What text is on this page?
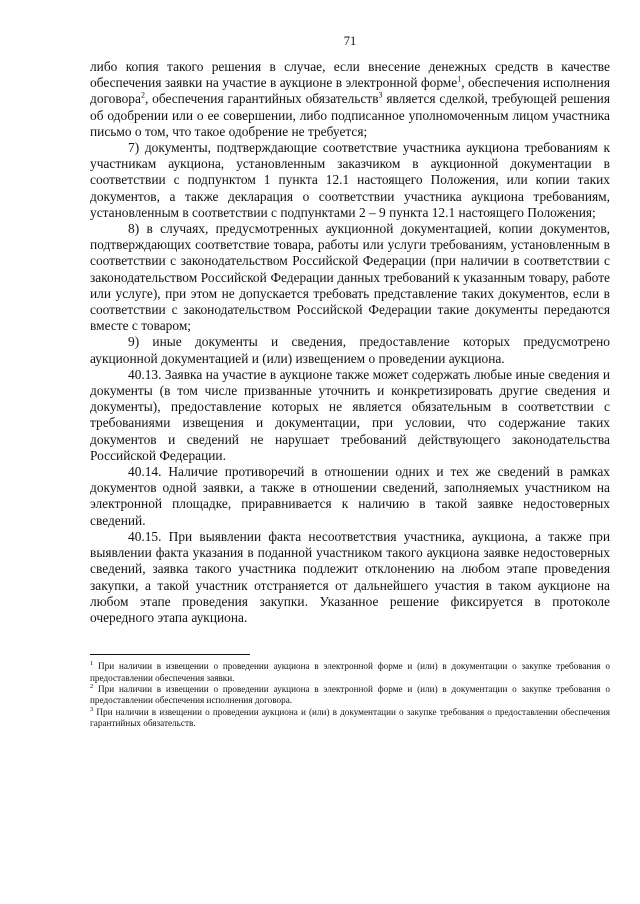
71

либо копия такого решения в случае, если внесение денежных средств в качестве обеспечения заявки на участие в аукционе в электронной форме$^1$, обеспечения исполнения договора$^2$, обеспечения гарантийных обязательств$^3$ является сделкой, требующей решения об одобрении или о ее совершении, либо подписанное уполномоченным лицом участника письмо о том, что такое одобрение не требуется;

7) документы, подтверждающие соответствие участника аукциона требованиям к участникам аукциона, установленным заказчиком в аукционной документации в соответствии с подпунктом 1 пункта 12.1 настоящего Положения, или копии таких документов, а также декларация о соответствии участника аукциона требованиям, установленным в соответствии с подпунктами 2 – 9 пункта 12.1 настоящего Положения;

8) в случаях, предусмотренных аукционной документацией, копии документов, подтверждающих соответствие товара, работы или услуги требованиям, установленным в соответствии с законодательством Российской Федерации (при наличии в соответствии с законодательством Российской Федерации данных требований к указанным товару, работе или услуге), при этом не допускается требовать представление таких документов, если в соответствии с законодательством Российской Федерации такие документы передаются вместе с товаром;

9) иные документы и сведения, предоставление которых предусмотрено аукционной документацией и (или) извещением о проведении аукциона.

40.13. Заявка на участие в аукционе также может содержать любые иные сведения и документы (в том числе призванные уточнить и конкретизировать другие сведения и документы), предоставление которых не является обязательным в соответствии с требованиями извещения и документации, при условии, что содержание таких документов и сведений не нарушает требований действующего законодательства Российской Федерации.

40.14. Наличие противоречий в отношении одних и тех же сведений в рамках документов одной заявки, а также в отношении сведений, заполняемых участником на электронной площадке, приравнивается к наличию в такой заявке недостоверных сведений.

40.15. При выявлении факта несоответствия участника, аукциона, а также при выявлении факта указания в поданной участником такого аукциона заявке недостоверных сведений, заявка такого участника подлежит отклонению на любом этапе проведения закупки, а такой участник отстраняется от дальнейшего участия в таком аукционе на любом этапе проведения закупки. Указанное решение фиксируется в протоколе очередного этапа аукциона.

$^1$ При наличии в извещении о проведении аукциона в электронной форме и (или) в документации о закупке требования о предоставлении обеспечения заявки.

$^2$ При наличии в извещении о проведении аукциона в электронной форме и (или) в документации о закупке требования о предоставлении обеспечения исполнения договора.

$^3$ При наличии в извещении о проведении аукциона и (или) в документации о закупке требования о предоставлении обеспечения гарантийных обязательств.
